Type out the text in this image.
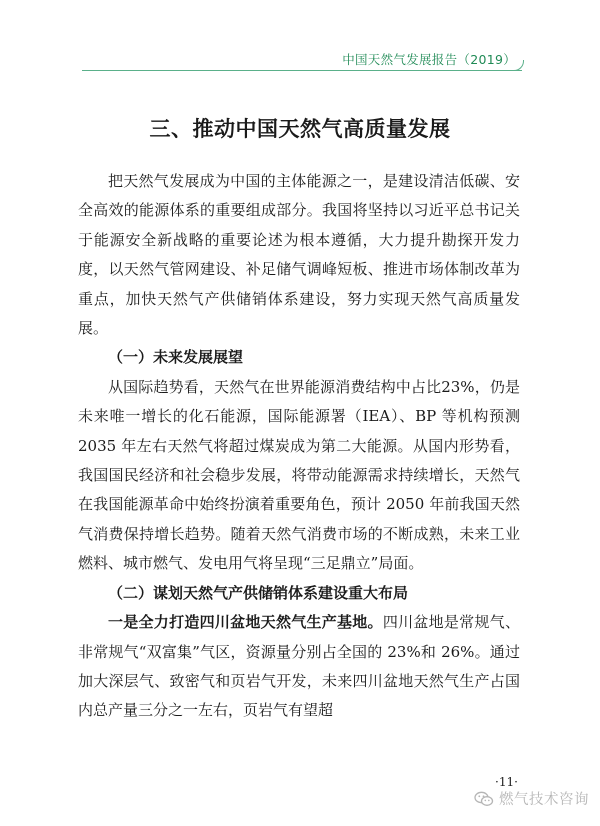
中国天然气发展报告（2019）
三、推动中国天然气高质量发展

把天然气发展成为中国的主体能源之一，是建设清洁低碳、安全高效的能源体系的重要组成部分。我国将坚持以习近平总书记关于能源安全新战略的重要论述为根本遵循，大力提升勘探开发力度，以天然气管网建设、补足储气调峰短板、推进市场体制改革为重点，加快天然气产供储销体系建设，努力实现天然气高质量发展。

（一）未来发展展望

从国际趋势看，天然气在世界能源消费结构中占比23%，仍是未来唯一增长的化石能源，国际能源署（IEA）、BP 等机构预测 2035 年左右天然气将超过煤炭成为第二大能源。从国内形势看，我国国民经济和社会稳步发展，将带动能源需求持续增长，天然气在我国能源革命中始终扮演着重要角色，预计 2050 年前我国天然气消费保持增长趋势。随着天然气消费市场的不断成熟，未来工业燃料、城市燃气、发电用气将呈现“三足鼎立”局面。

（二）谋划天然气产供储销体系建设重大布局

一是全力打造四川盆地天然气生产基地。四川盆地是常规气、非常规气“双富集”气区，资源量分别占全国的 23%和 26%。通过加大深层气、致密气和页岩气开发，未来四川盆地天然气生产占国内总产量三分之一左右，页岩气有望超

·11·
燃气技术咨询
